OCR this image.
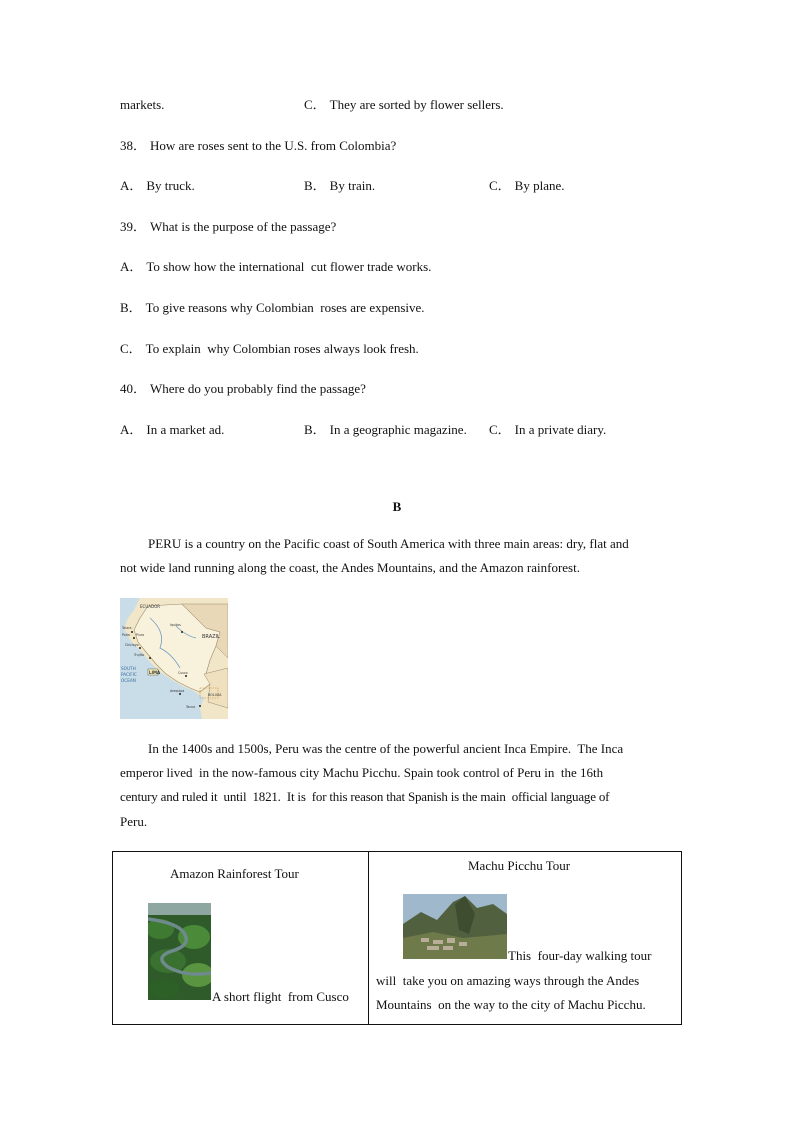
markets.	C． They are sorted by flower sellers.
38． How are roses sent to the U.S. from Colombia?
A． By truck.	B． By train.	C． By plane.
39． What is the purpose of the passage?
A． To show how the international  cut flower trade works.
B． To give reasons why Colombian  roses are expensive.
C． To explain  why Colombian roses always look fresh.
40． Where do you probably find the passage?
A． In a market ad.	B． In a geographic magazine. C． In a private diary.
B
PERU is a country on the Pacific coast of South America with three main areas: dry, flat and
not wide land running along the coast, the Andes Mountains, and the Amazon rainforest.
ECUADOR
BRAZIL
SOUTH
PACIFIC
OCEAN
LIMA
BOLIVIA
Talara
Paita Piura
Chiclayo
Trujillo
Iquitos
Cusco
Arequipa
Tacna
In the 1400s and 1500s, Peru was the centre of the powerful ancient Inca Empire.  The Inca
emperor lived  in the now-famous city Machu Picchu. Spain took control of Peru in  the 16th
century and ruled it  until  1821.  It is  for this reason that Spanish is the main  official language of
Peru.
Amazon Rainforest Tour
A short flight  from Cusco
Machu Picchu Tour
This  four-day walking tour
will  take you on amazing ways through the Andes
Mountains  on the way to the city of Machu Picchu.
